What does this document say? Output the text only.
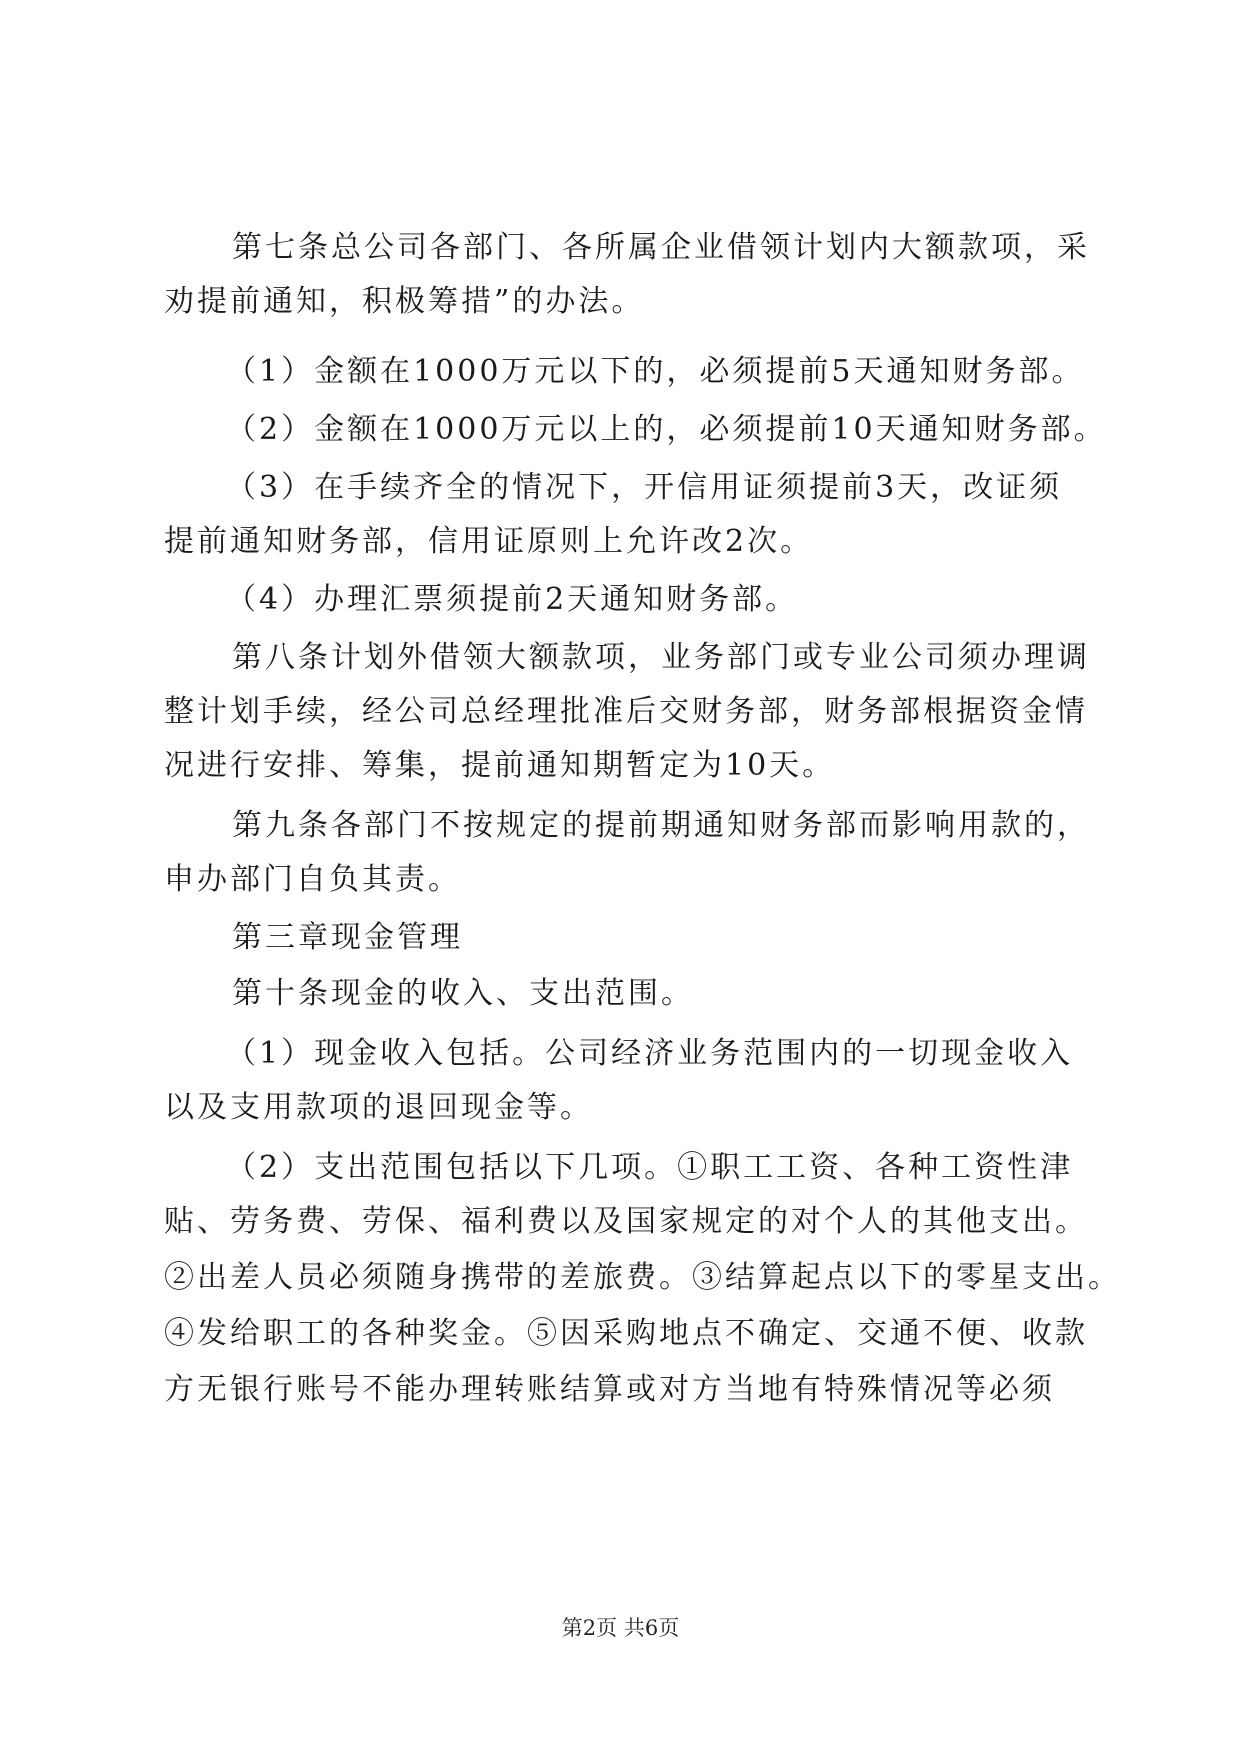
第七条总公司各部门、各所属企业借领计划内大额款项，采
劝提前通知，积极筹措”的办法。
（1）金额在1000万元以下的，必须提前5天通知财务部。
（2）金额在1000万元以上的，必须提前10天通知财务部。
（3）在手续齐全的情况下，开信用证须提前3天，改证须
提前通知财务部，信用证原则上允许改2次。
（4）办理汇票须提前2天通知财务部。
第八条计划外借领大额款项，业务部门或专业公司须办理调
整计划手续，经公司总经理批准后交财务部，财务部根据资金情
况进行安排、筹集，提前通知期暂定为10天。
第九条各部门不按规定的提前期通知财务部而影响用款的，
申办部门自负其责。
第三章现金管理
第十条现金的收入、支出范围。
（1）现金收入包括。公司经济业务范围内的一切现金收入
以及支用款项的退回现金等。
（2）支出范围包括以下几项。①职工工资、各种工资性津
贴、劳务费、劳保、福利费以及国家规定的对个人的其他支出。
②出差人员必须随身携带的差旅费。③结算起点以下的零星支出。
④发给职工的各种奖金。⑤因采购地点不确定、交通不便、收款
方无银行账号不能办理转账结算或对方当地有特殊情况等必须
第2页 共6页
